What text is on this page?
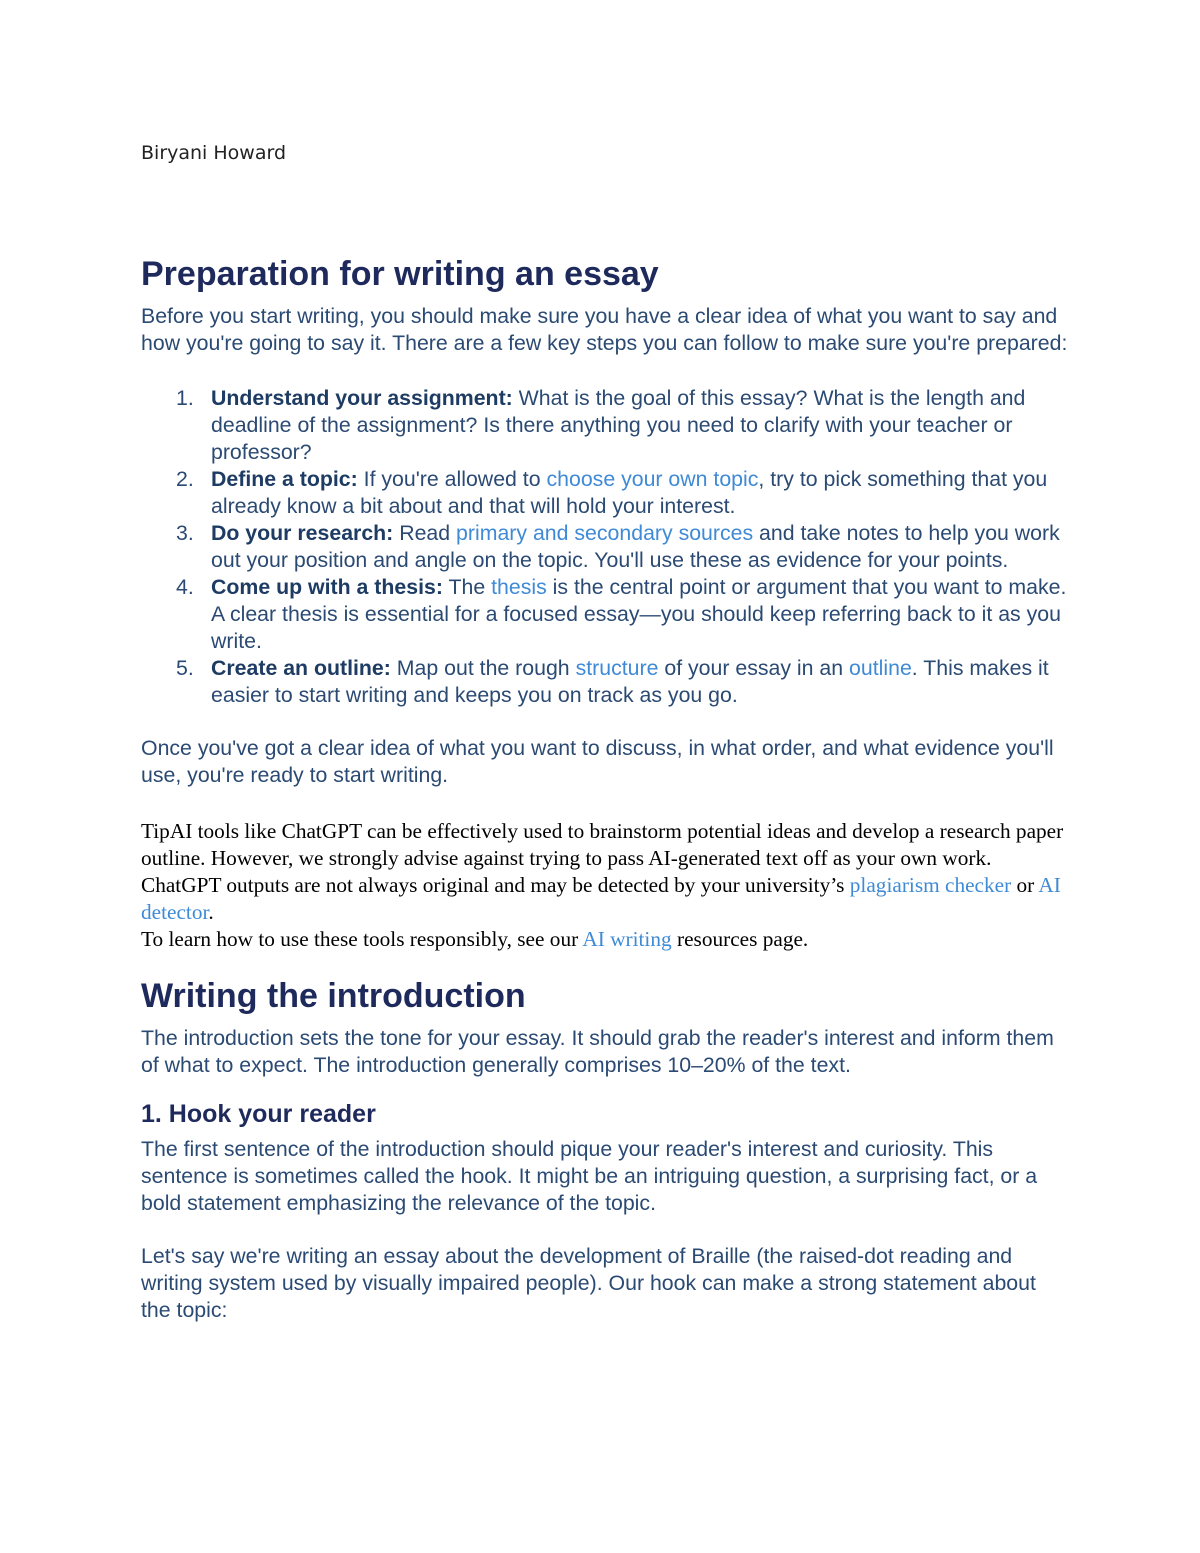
Biryani Howard

Preparation for writing an essay

Before you start writing, you should make sure you have a clear idea of what you want to say and how you're going to say it. There are a few key steps you can follow to make sure you're prepared:

1. Understand your assignment: What is the goal of this essay? What is the length and deadline of the assignment? Is there anything you need to clarify with your teacher or professor?
2. Define a topic: If you're allowed to choose your own topic, try to pick something that you already know a bit about and that will hold your interest.
3. Do your research: Read primary and secondary sources and take notes to help you work out your position and angle on the topic. You'll use these as evidence for your points.
4. Come up with a thesis: The thesis is the central point or argument that you want to make. A clear thesis is essential for a focused essay—you should keep referring back to it as you write.
5. Create an outline: Map out the rough structure of your essay in an outline. This makes it easier to start writing and keeps you on track as you go.

Once you've got a clear idea of what you want to discuss, in what order, and what evidence you'll use, you're ready to start writing.

TipAI tools like ChatGPT can be effectively used to brainstorm potential ideas and develop a research paper outline. However, we strongly advise against trying to pass AI-generated text off as your own work. ChatGPT outputs are not always original and may be detected by your university’s plagiarism checker or AI detector.

To learn how to use these tools responsibly, see our AI writing resources page.

Writing the introduction

The introduction sets the tone for your essay. It should grab the reader's interest and inform them of what to expect. The introduction generally comprises 10–20% of the text.

1. Hook your reader

The first sentence of the introduction should pique your reader's interest and curiosity. This sentence is sometimes called the hook. It might be an intriguing question, a surprising fact, or a bold statement emphasizing the relevance of the topic.

Let's say we're writing an essay about the development of Braille (the raised-dot reading and writing system used by visually impaired people). Our hook can make a strong statement about the topic:
